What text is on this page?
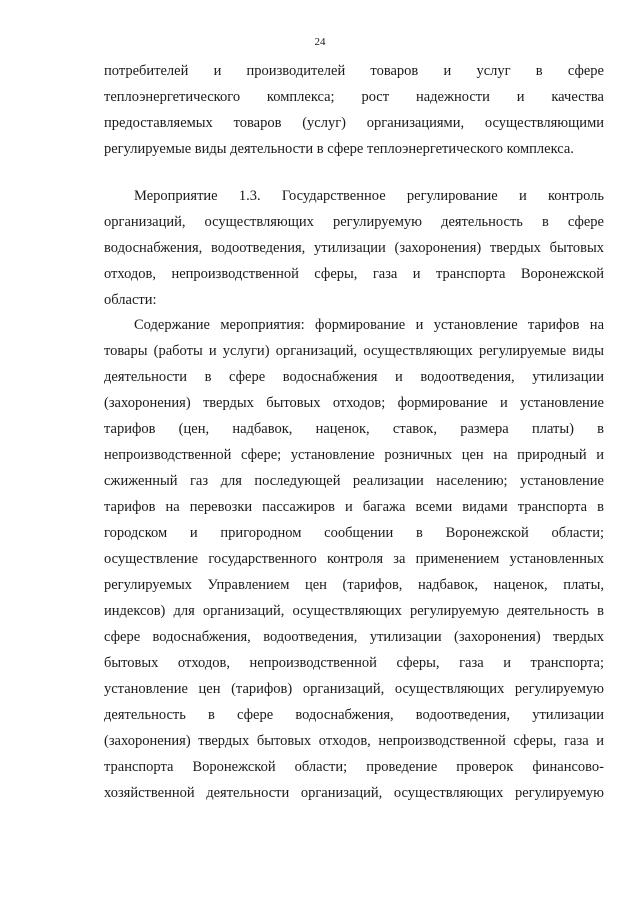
24
потребителей и производителей товаров и услуг в сфере
теплоэнергетического комплекса; рост надежности и качества
предоставляемых товаров (услуг) организациями, осуществляющими
регулируемые виды деятельности в сфере теплоэнергетического комплекса.
Мероприятие 1.3. Государственное регулирование и контроль
организаций, осуществляющих регулируемую деятельность в сфере
водоснабжения, водоотведения, утилизации (захоронения) твердых бытовых
отходов, непроизводственной сферы, газа и транспорта Воронежской
области:
Содержание мероприятия: формирование и установление тарифов на
товары (работы и услуги) организаций, осуществляющих регулируемые виды
деятельности в сфере водоснабжения и водоотведения, утилизации
(захоронения) твердых бытовых отходов; формирование и установление
тарифов (цен, надбавок, наценок, ставок, размера платы) в
непроизводственной сфере; установление розничных цен на природный и
сжиженный газ для последующей реализации населению; установление
тарифов на перевозки пассажиров и багажа всеми видами транспорта в
городском и пригородном сообщении в Воронежской области;
осуществление государственного контроля за применением установленных
регулируемых Управлением цен (тарифов, надбавок, наценок, платы,
индексов) для организаций, осуществляющих регулируемую деятельность в
сфере водоснабжения, водоотведения, утилизации (захоронения) твердых
бытовых отходов, непроизводственной сферы, газа и транспорта;
установление цен (тарифов) организаций, осуществляющих регулируемую
деятельность в сфере водоснабжения, водоотведения, утилизации
(захоронения) твердых бытовых отходов, непроизводственной сферы, газа и
транспорта Воронежской области; проведение проверок финансово-
хозяйственной деятельности организаций, осуществляющих регулируемую
